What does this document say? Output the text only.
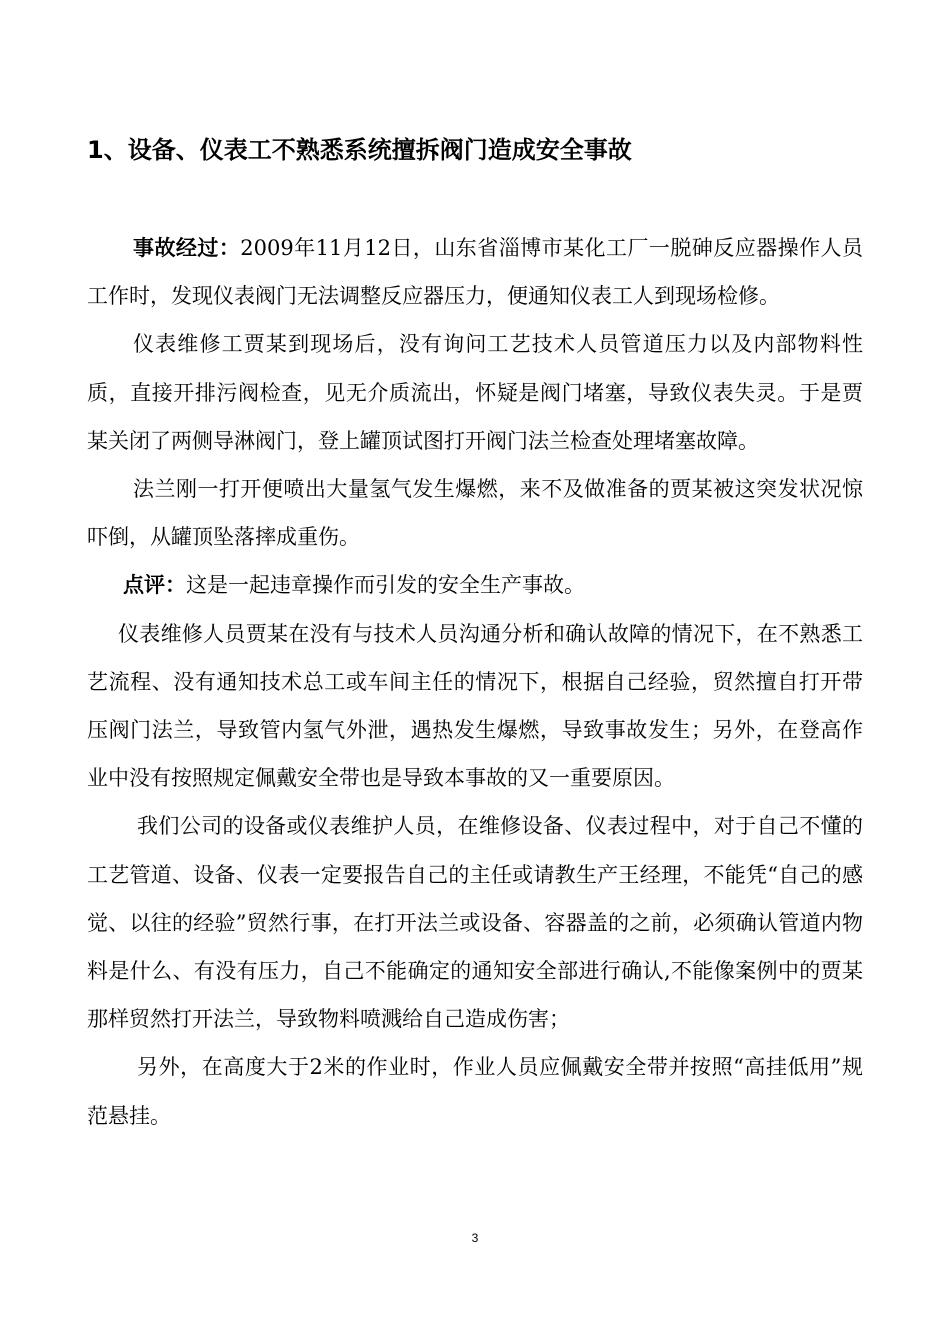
1、设备、仪表工不熟悉系统擅拆阀门造成安全事故

事故经过：2009年11月12日，山东省淄博市某化工厂一脱砷反应器操作人员工作时，发现仪表阀门无法调整反应器压力，便通知仪表工人到现场检修。

仪表维修工贾某到现场后，没有询问工艺技术人员管道压力以及内部物料性质，直接开排污阀检查，见无介质流出，怀疑是阀门堵塞，导致仪表失灵。于是贾某关闭了两侧导淋阀门，登上罐顶试图打开阀门法兰检查处理堵塞故障。

法兰刚一打开便喷出大量氢气发生爆燃，来不及做准备的贾某被这突发状况惊吓倒，从罐顶坠落摔成重伤。

点评：这是一起违章操作而引发的安全生产事故。

仪表维修人员贾某在没有与技术人员沟通分析和确认故障的情况下，在不熟悉工艺流程、没有通知技术总工或车间主任的情况下，根据自己经验，贸然擅自打开带压阀门法兰，导致管内氢气外泄，遇热发生爆燃，导致事故发生；另外，在登高作业中没有按照规定佩戴安全带也是导致本事故的又一重要原因。

我们公司的设备或仪表维护人员，在维修设备、仪表过程中，对于自己不懂的工艺管道、设备、仪表一定要报告自己的主任或请教生产王经理，不能凭“自己的感觉、以往的经验”贸然行事，在打开法兰或设备、容器盖的之前，必须确认管道内物料是什么、有没有压力，自己不能确定的通知安全部进行确认,不能像案例中的贾某那样贸然打开法兰，导致物料喷溅给自己造成伤害；

另外，在高度大于2米的作业时，作业人员应佩戴安全带并按照“高挂低用”规范悬挂。

3
